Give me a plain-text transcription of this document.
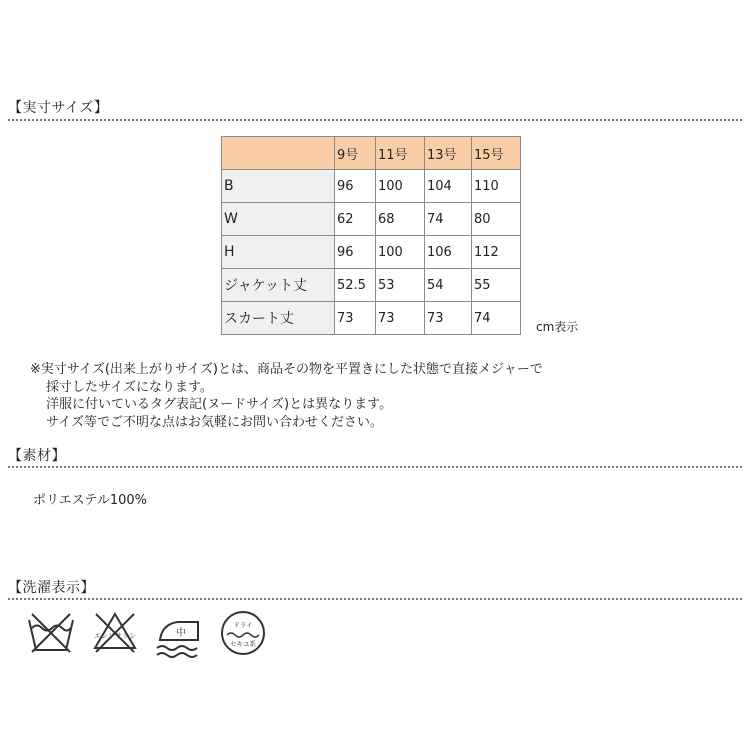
【実寸サイズ】
	9号	11号	13号	15号
B	96	100	104	110
W	62	68	74	80
H	96	100	106	112
ジャケット丈	52.5	53	54	55
スカート丈	73	73	73	74
cm表示
※実寸サイズ(出来上がりサイズ)とは、商品その物を平置きにした状態で直接メジャーで
採寸したサイズになります。
洋服に付いているタグ表記(ヌードサイズ)とは異なります。
サイズ等でご不明な点はお気軽にお問い合わせください。
【素材】
ポリエステル100%
【洗濯表示】
エンソサラシ	中
ドライ
セキユ系
